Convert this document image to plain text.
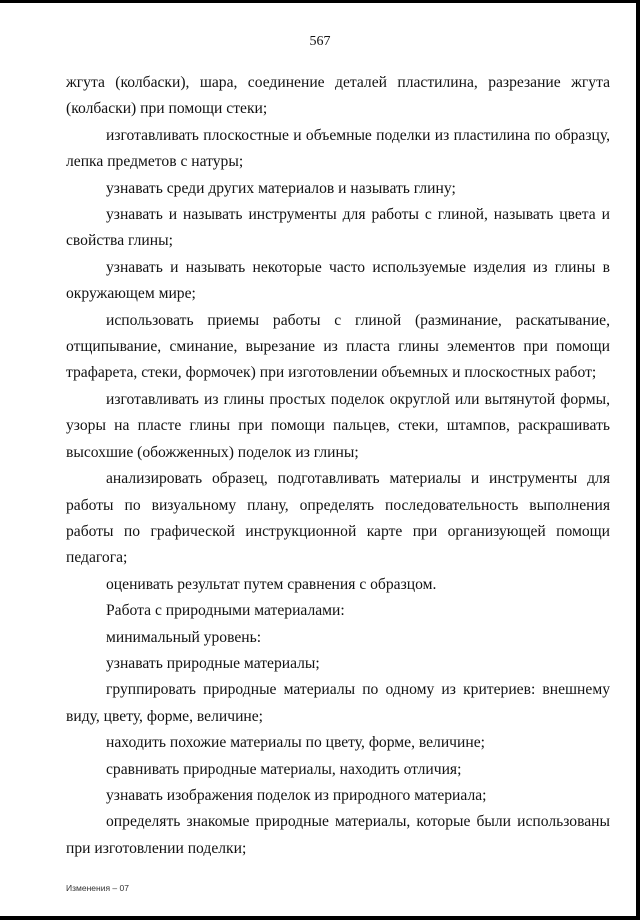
567

жгута (колбаски), шара, соединение деталей пластилина, разрезание жгута (колбаски) при помощи стеки;

изготавливать плоскостные и объемные поделки из пластилина по образцу, лепка предметов с натуры;

узнавать среди других материалов и называть глину;

узнавать и называть инструменты для работы с глиной, называть цвета и свойства глины;

узнавать и называть некоторые часто используемые изделия из глины в окружающем мире;

использовать приемы работы с глиной (разминание, раскатывание, отщипывание, сминание, вырезание из пласта глины элементов при помощи трафарета, стеки, формочек) при изготовлении объемных и плоскостных работ;

изготавливать из глины простых поделок округлой или вытянутой формы, узоры на пласте глины при помощи пальцев, стеки, штампов, раскрашивать высохшие (обожженных) поделок из глины;

анализировать образец, подготавливать материалы и инструменты для работы по визуальному плану, определять последовательность выполнения работы по графической инструкционной карте при организующей помощи педагога;

оценивать результат путем сравнения с образцом.

Работа с природными материалами:

минимальный уровень:

узнавать природные материалы;

группировать природные материалы по одному из критериев: внешнему виду, цвету, форме, величине;

находить похожие материалы по цвету, форме, величине;

сравнивать природные материалы, находить отличия;

узнавать изображения поделок из природного материала;

определять знакомые природные материалы, которые были использованы при изготовлении поделки;

Изменения – 07
